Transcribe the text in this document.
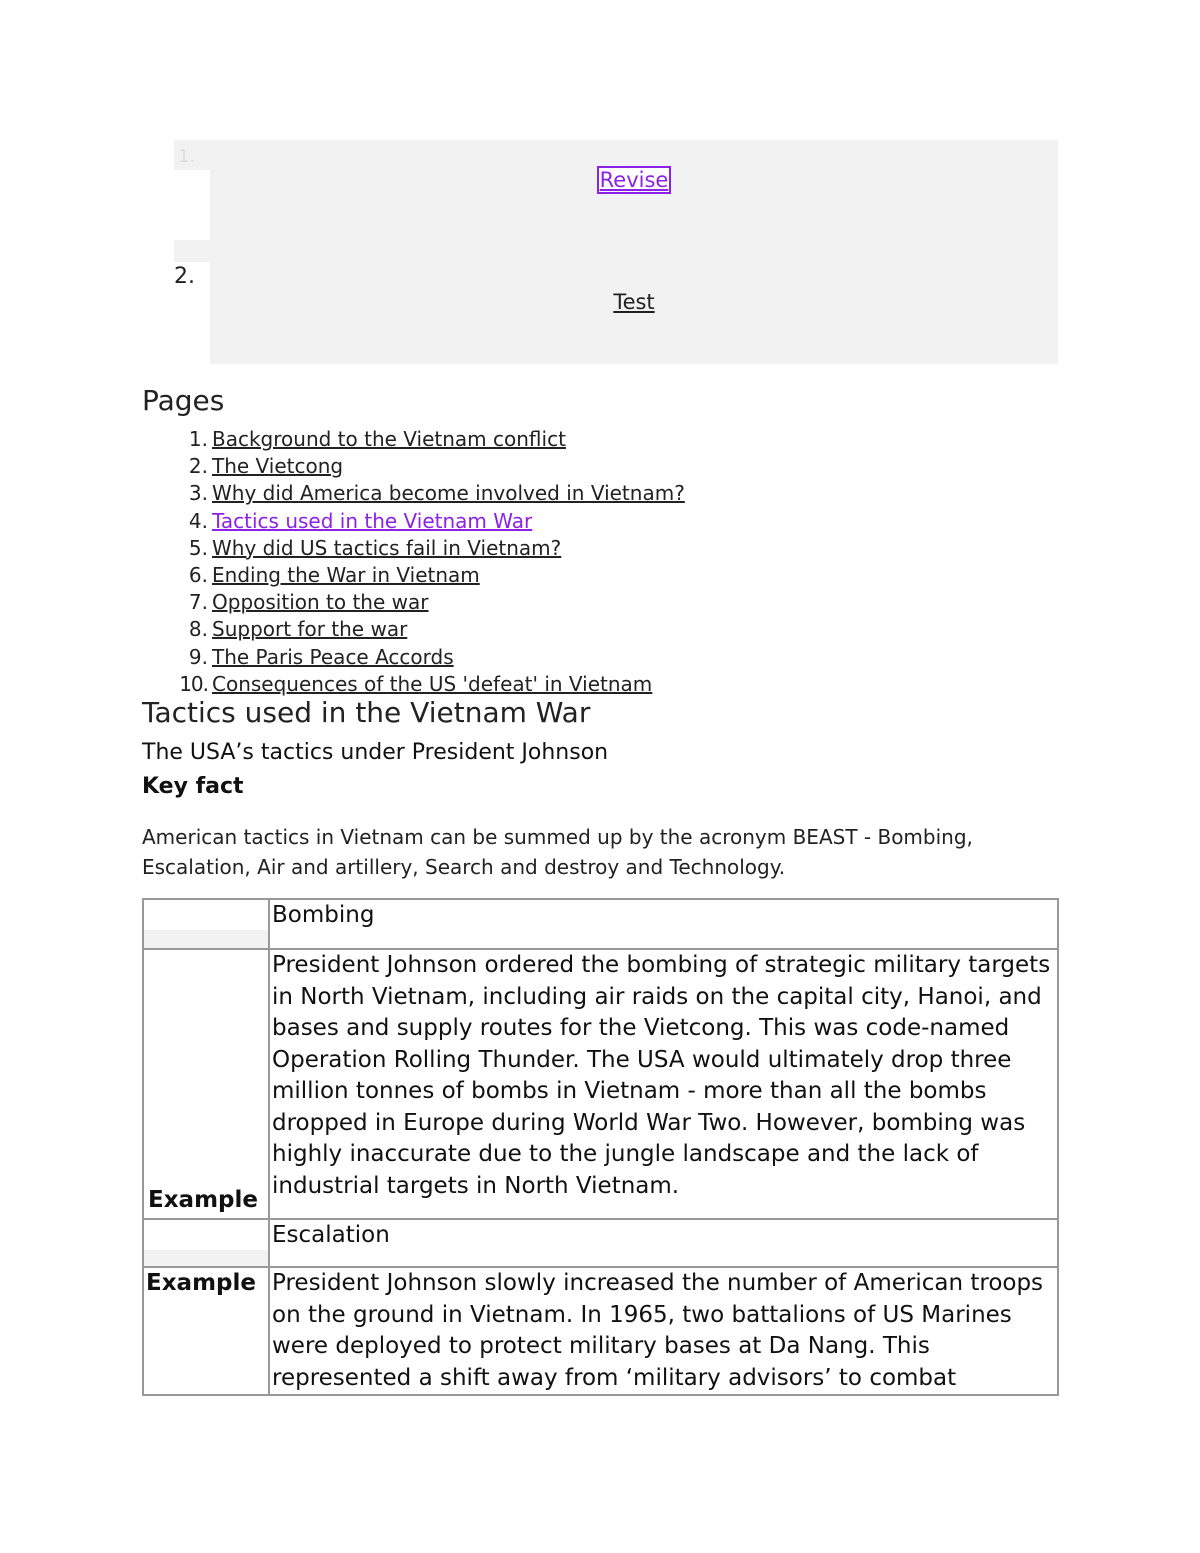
1.
2.
Revise
Test
Pages
1. Background to the Vietnam conflict
2. The Vietcong
3. Why did America become involved in Vietnam?
4. Tactics used in the Vietnam War
5. Why did US tactics fail in Vietnam?
6. Ending the War in Vietnam
7. Opposition to the war
8. Support for the war
9. The Paris Peace Accords
10. Consequences of the US 'defeat' in Vietnam
Tactics used in the Vietnam War
The USA’s tactics under President Johnson
Key fact

American tactics in Vietnam can be summed up by the acronym BEAST - Bombing, Escalation, Air and artillery, Search and destroy and Technology.

	Bombing

Example	President Johnson ordered the bombing of strategic military targets in North Vietnam, including air raids on the capital city, Hanoi, and bases and supply routes for the Vietcong. This was code-named Operation Rolling Thunder. The USA would ultimately drop three million tonnes of bombs in Vietnam - more than all the bombs dropped in Europe during World War Two. However, bombing was highly inaccurate due to the jungle landscape and the lack of industrial targets in North Vietnam.
	Escalation
Example	President Johnson slowly increased the number of American troops on the ground in Vietnam. In 1965, two battalions of US Marines were deployed to protect military bases at Da Nang. This represented a shift away from ‘military advisors’ to combat
